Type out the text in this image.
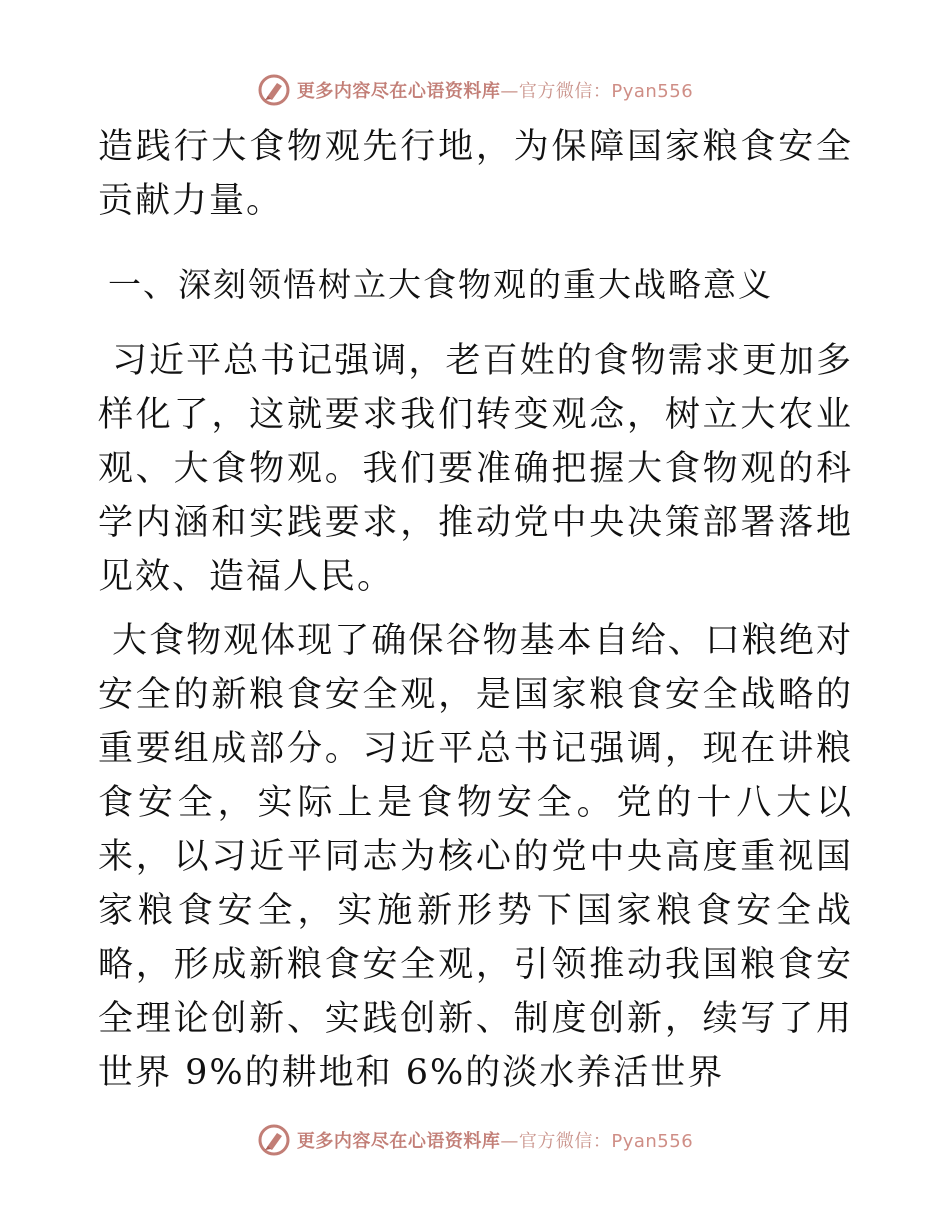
更多内容尽在心语资料库—官方微信：Pyan556

造践行大食物观先行地，为保障国家粮食安全贡献力量。

一、深刻领悟树立大食物观的重大战略意义

习近平总书记强调，老百姓的食物需求更加多样化了，这就要求我们转变观念，树立大农业观、大食物观。我们要准确把握大食物观的科学内涵和实践要求，推动党中央决策部署落地见效、造福人民。

大食物观体现了确保谷物基本自给、口粮绝对安全的新粮食安全观，是国家粮食安全战略的重要组成部分。习近平总书记强调，现在讲粮食安全，实际上是食物安全。党的十八大以来，以习近平同志为核心的党中央高度重视国家粮食安全，实施新形势下国家粮食安全战略，形成新粮食安全观，引领推动我国粮食安全理论创新、实践创新、制度创新，续写了用世界 9%的耕地和 6%的淡水养活世界

更多内容尽在心语资料库—官方微信：Pyan556
